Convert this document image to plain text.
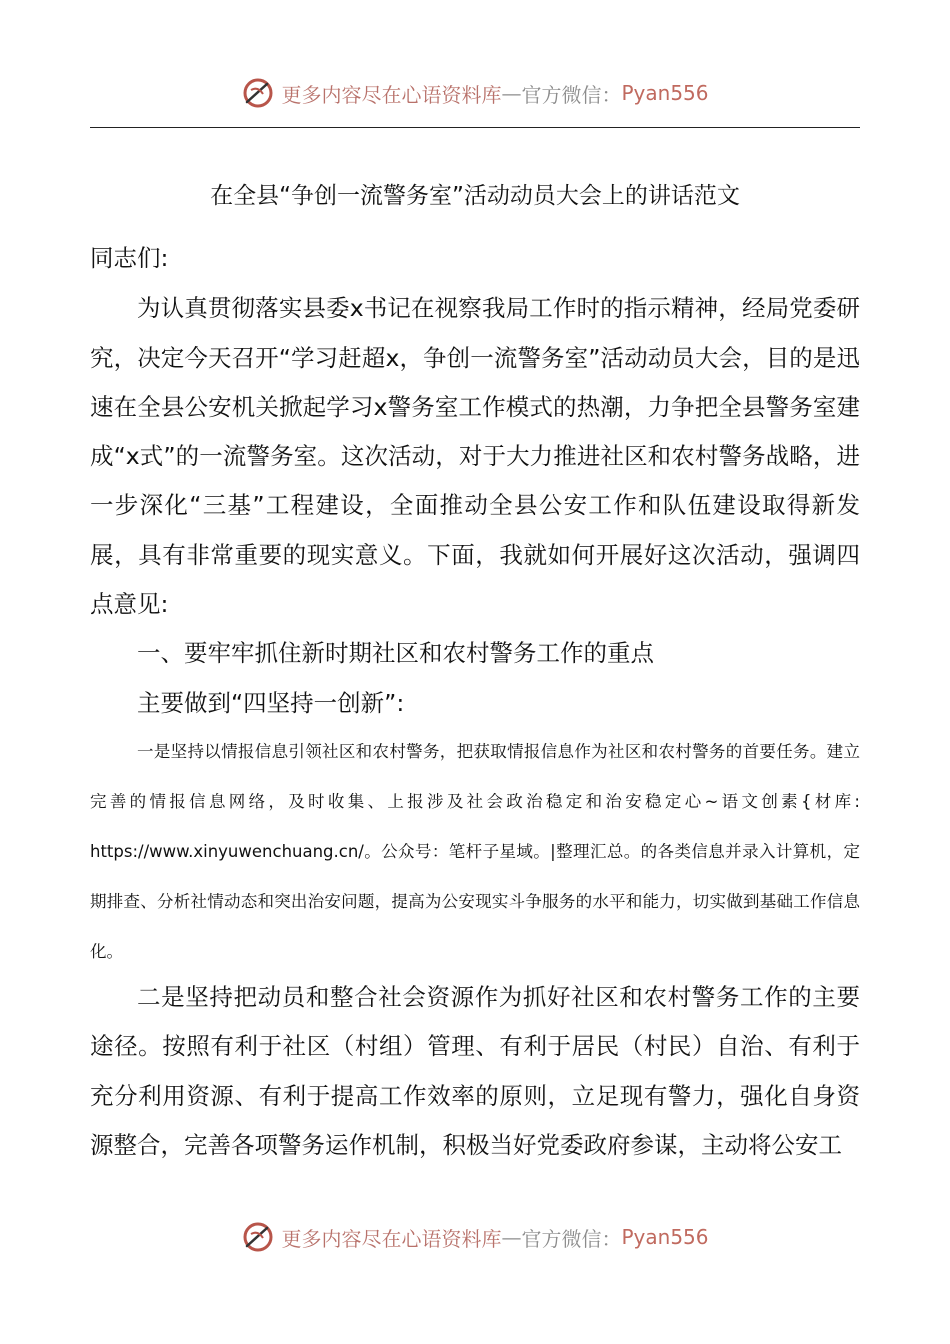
更多内容尽在心语资料库 — 官方微信： Pyan556
在全县“争创一流警务室”活动动员大会上的讲话范文

同志们:

为认真贯彻落实县委x书记在视察我局工作时的指示精神，经局党委研究，决定今天召开“学习赶超x，争创一流警务室”活动动员大会，目的是迅速在全县公安机关掀起学习x警务室工作模式的热潮，力争把全县警务室建成“x式”的一流警务室。这次活动，对于大力推进社区和农村警务战略，进一步深化“三基”工程建设，全面推动全县公安工作和队伍建设取得新发展，具有非常重要的现实意义。下面，我就如何开展好这次活动，强调四点意见:

一、要牢牢抓住新时期社区和农村警务工作的重点

主要做到“四坚持一创新”:

一是坚持以情报信息引领社区和农村警务，把获取情报信息作为社区和农村警务的首要任务。建立完善的情报信息网络，及时收集、上报涉及社会政治稳定和治安稳定心~语文创素{材库: https://www.xinyuwenchuang.cn/。公众号：笔杆子星域。|整理汇总。的各类信息并录入计算机，定期排查、分析社情动态和突出治安问题，提高为公安现实斗争服务的水平和能力，切实做到基础工作信息化。

二是坚持把动员和整合社会资源作为抓好社区和农村警务工作的主要途径。按照有利于社区（村组）管理、有利于居民（村民）自治、有利于充分利用资源、有利于提高工作效率的原则，立足现有警力，强化自身资源整合，完善各项警务运作机制，积极当好党委政府参谋，主动将公安工

更多内容尽在心语资料库 — 官方微信： Pyan556
